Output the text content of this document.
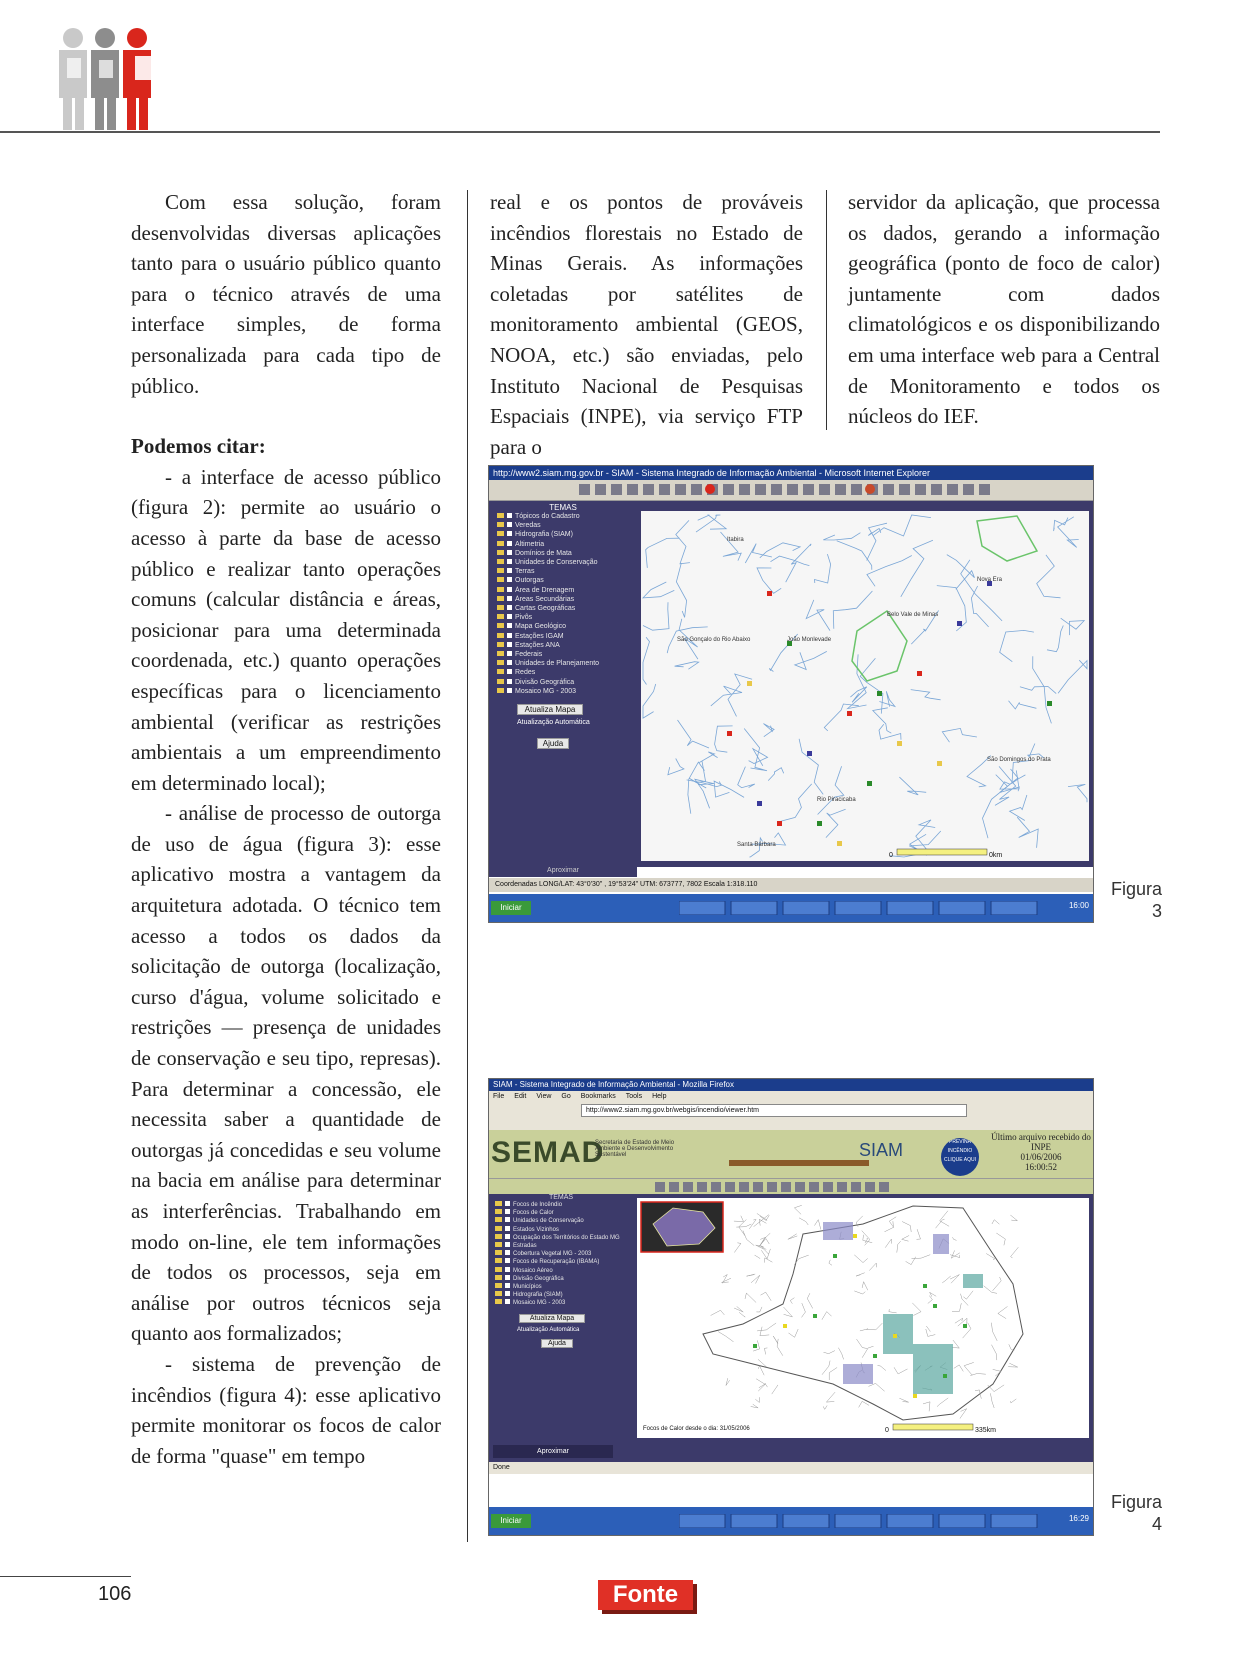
Com essa solução, foram desenvolvidas diversas aplicações tanto para o usuário público quanto para o técnico através de uma interface simples, de forma personalizada para cada tipo de público.

Podemos citar:

- a interface de acesso público (figura 2): permite ao usuário o acesso à parte da base de acesso público e realizar tanto operações comuns (calcular distância e áreas, posicionar para uma determinada coordenada, etc.) quanto operações específicas para o licenciamento ambiental (verificar as restrições ambientais a um empreendimento em determinado local);

- análise de processo de outorga de uso de água (figura 3): esse aplicativo mostra a vantagem da arquitetura adotada. O técnico tem acesso a todos os dados da solicitação de outorga (localização, curso d'água, volume solicitado e restrições — presença de unidades de conservação e seu tipo, represas). Para determinar a concessão, ele necessita saber a quantidade de outorgas já concedidas e seu volume na bacia em análise para determinar as interferências. Trabalhando em modo on-line, ele tem informações de todos os processos, seja em análise por outros técnicos seja quanto aos formalizados;

- sistema de prevenção de incêndios (figura 4): esse aplicativo permite monitorar os focos de calor de forma "quase" em tempo

real e os pontos de prováveis incêndios florestais no Estado de Minas Gerais. As informações coletadas por satélites de monitoramento ambiental (GEOS, NOOA, etc.) são enviadas, pelo Instituto Nacional de Pesquisas Espaciais (INPE), via serviço FTP para o

servidor da aplicação, que processa os dados, gerando a informação geográfica (ponto de foco de calor) juntamente com dados climatológicos e os disponibilizando em uma interface web para a Central de Monitoramento e todos os núcleos do IEF.

http://www2.siam.mg.gov.br - SIAM - Sistema Integrado de Informação Ambiental - Microsoft Internet Explorer
TEMAS
Tópicos do Cadastro
Veredas
Hidrografia (SIAM)
Altimetria
Domínios de Mata
Unidades de Conservação
Terras
Outorgas
Área de Drenagem
Áreas Secundárias
Cartas Geográficas
Pivôs
Mapa Geológico
Estações IGAM
Estações ANA
Federais
Unidades de Planejamento
Redes
Divisão Geográfica
Mosaico MG - 2003
Atualiza Mapa
Atualização Automática
Ajuda
Itabira
Nova Era
Belo Vale de Minas
Santa Bárbara
São Gonçalo do Rio Abaixo	João Monlevade
Rio Piracicaba
São Domingos do Prata
0	0km
Aproximar
Coordenadas LONG/LAT: 43°0'30" , 19°53'24" UTM: 673777, 7802 Escala 1:318.110
Iniciar	16:00
Figura
3
SIAM - Sistema Integrado de Informação Ambiental - Mozilla Firefox
File Edit View Go Bookmarks Tools Help
http://www2.siam.mg.gov.br/webgis/incendio/viewer.htm
SEMAD
Secretaria de Estado de Meio Ambiente e Desenvolvimento Sustentável	SIAM	PREVINA INCÊNDIO CLIQUE AQUI
Último arquivo recebido do INPE
01/06/2006
16:00:52
TEMAS
Focos de Incêndio
Focos de Calor
Unidades de Conservação
Estados Vizinhos
Ocupação dos Territórios do Estado MG
Estradas
Cobertura Vegetal MG - 2003
Focos de Recuperação (IBAMA)
Mosaico Aéreo
Divisão Geográfica
Municípios
Hidrografia (SIAM)
Mosaico MG - 2003
Atualiza Mapa
Atualização Automática
Ajuda
Focos de Calor desde o dia: 31/05/2006	0	335km
Aproximar
Done
Iniciar	16:29
Figura
4
106	Fonte
